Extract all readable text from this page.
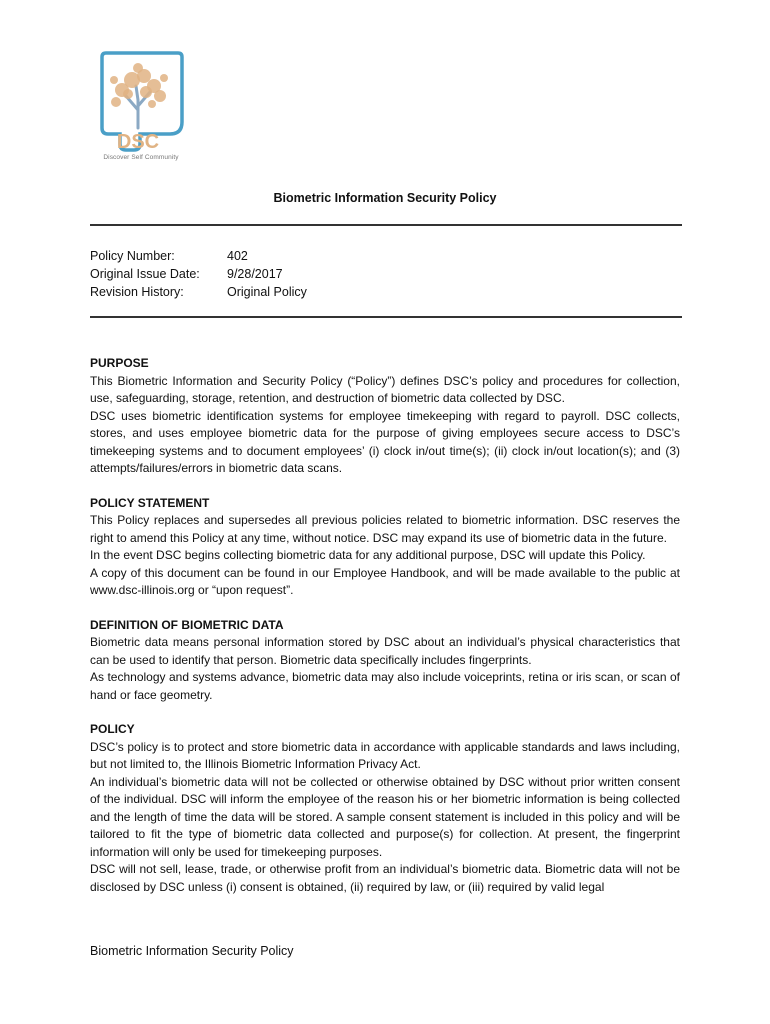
DSC
Discover Self Community
Biometric Information Security Policy
Policy Number:	402
Original Issue Date:	9/28/2017
Revision History:	Original Policy
PURPOSE

This Biometric Information and Security Policy (“Policy”) defines DSC’s policy and procedures for collection, use, safeguarding, storage, retention, and destruction of biometric data collected by DSC.

DSC uses biometric identification systems for employee timekeeping with regard to payroll. DSC collects, stores, and uses employee biometric data for the purpose of giving employees secure access to DSC’s timekeeping systems and to document employees’ (i) clock in/out time(s); (ii) clock in/out location(s); and (3) attempts/failures/errors in biometric data scans.

POLICY STATEMENT

This Policy replaces and supersedes all previous policies related to biometric information. DSC reserves the right to amend this Policy at any time, without notice. DSC may expand its use of biometric data in the future.

In the event DSC begins collecting biometric data for any additional purpose, DSC will update this Policy.

A copy of this document can be found in our Employee Handbook, and will be made available to the public at www.dsc-illinois.org or “upon request”.

DEFINITION OF BIOMETRIC DATA

Biometric data means personal information stored by DSC about an individual’s physical characteristics that can be used to identify that person. Biometric data specifically includes fingerprints.

As technology and systems advance, biometric data may also include voiceprints, retina or iris scan, or scan of hand or face geometry.

POLICY

DSC’s policy is to protect and store biometric data in accordance with applicable standards and laws including, but not limited to, the Illinois Biometric Information Privacy Act.

An individual’s biometric data will not be collected or otherwise obtained by DSC without prior written consent of the individual. DSC will inform the employee of the reason his or her biometric information is being collected and the length of time the data will be stored. A sample consent statement is included in this policy and will be tailored to fit the type of biometric data collected and purpose(s) for collection. At present, the fingerprint information will only be used for timekeeping purposes.

DSC will not sell, lease, trade, or otherwise profit from an individual’s biometric data. Biometric data will not be disclosed by DSC unless (i) consent is obtained, (ii) required by law, or (iii) required by valid legal

Biometric Information Security Policy
